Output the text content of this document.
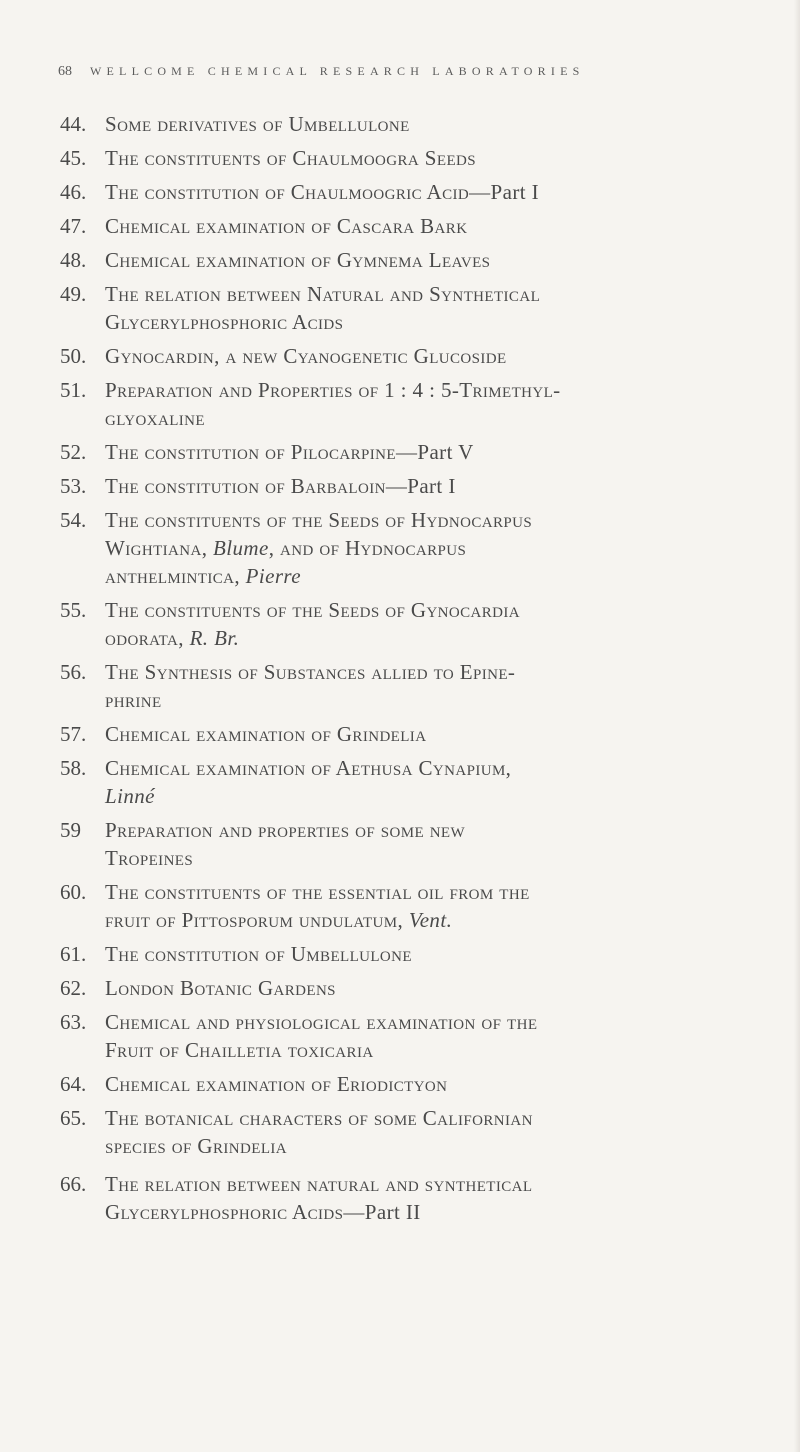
68	WELLCOME CHEMICAL RESEARCH LABORATORIES
44. Some derivatives of Umbellulone
45. The constituents of Chaulmoogra Seeds
46. The constitution of Chaulmoogric Acid—Part I
47. Chemical examination of Cascara Bark
48. Chemical examination of Gymnema Leaves
49. The relation between Natural and Synthetical
Glycerylphosphoric Acids
50. Gynocardin, a new Cyanogenetic Glucoside
51. Preparation and Properties of 1 : 4 : 5-Trimethyl-
glyoxaline
52. The constitution of Pilocarpine—Part V
53. The constitution of Barbaloin—Part I
54. The constituents of the Seeds of Hydnocarpus
Wightiana, Blume, and of Hydnocarpus
anthelmintica, Pierre
55. The constituents of the Seeds of Gynocardia
odorata, R. Br.
56. The Synthesis of Substances allied to Epine-
phrine
57. Chemical examination of Grindelia
58. Chemical examination of Aethusa Cynapium,
Linné
59	Preparation and properties of some new
Tropeines
60. The constituents of the essential oil from the
fruit of Pittosporum undulatum, Vent.
61. The constitution of Umbellulone
62. London Botanic Gardens
63. Chemical and physiological examination of the
Fruit of Chailletia toxicaria
64. Chemical examination of Eriodictyon
65. The botanical characters of some Californian
species of Grindelia
66. The relation between natural and synthetical
Glycerylphosphoric Acids—Part II
